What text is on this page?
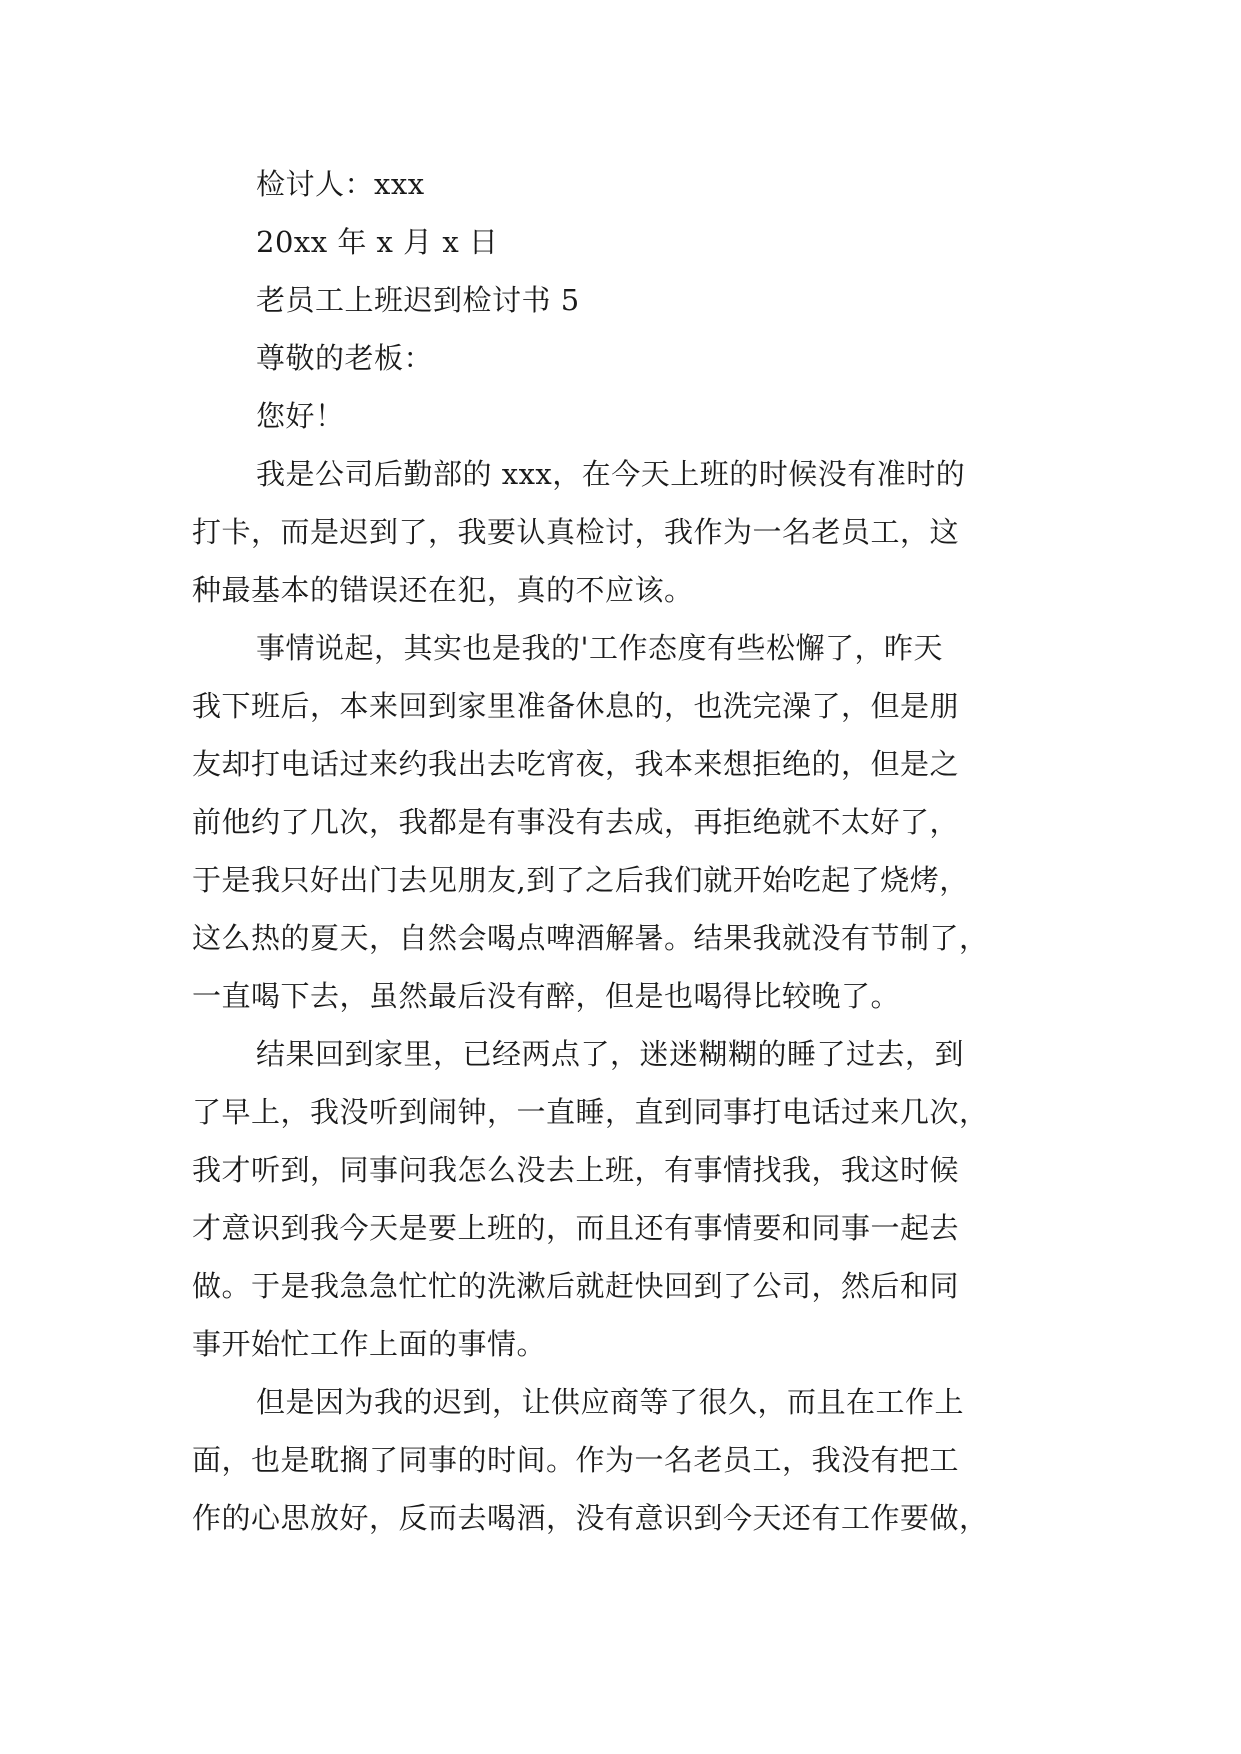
检讨人：xxx
20xx 年 x 月 x 日
老员工上班迟到检讨书 5
尊敬的老板：
您好！

我是公司后勤部的 xxx，在今天上班的时候没有准时的
打卡，而是迟到了，我要认真检讨，我作为一名老员工，这
种最基本的错误还在犯，真的不应该。

事情说起，其实也是我的'工作态度有些松懈了，昨天
我下班后，本来回到家里准备休息的，也洗完澡了，但是朋
友却打电话过来约我出去吃宵夜，我本来想拒绝的，但是之
前他约了几次，我都是有事没有去成，再拒绝就不太好了，
于是我只好出门去见朋友,到了之后我们就开始吃起了烧烤，
这么热的夏天，自然会喝点啤酒解暑。结果我就没有节制了，
一直喝下去，虽然最后没有醉，但是也喝得比较晚了。

结果回到家里，已经两点了，迷迷糊糊的睡了过去，到
了早上，我没听到闹钟，一直睡，直到同事打电话过来几次，
我才听到，同事问我怎么没去上班，有事情找我，我这时候
才意识到我今天是要上班的，而且还有事情要和同事一起去
做。于是我急急忙忙的洗漱后就赶快回到了公司，然后和同
事开始忙工作上面的事情。

但是因为我的迟到，让供应商等了很久，而且在工作上
面，也是耽搁了同事的时间。作为一名老员工，我没有把工
作的心思放好，反而去喝酒，没有意识到今天还有工作要做，
